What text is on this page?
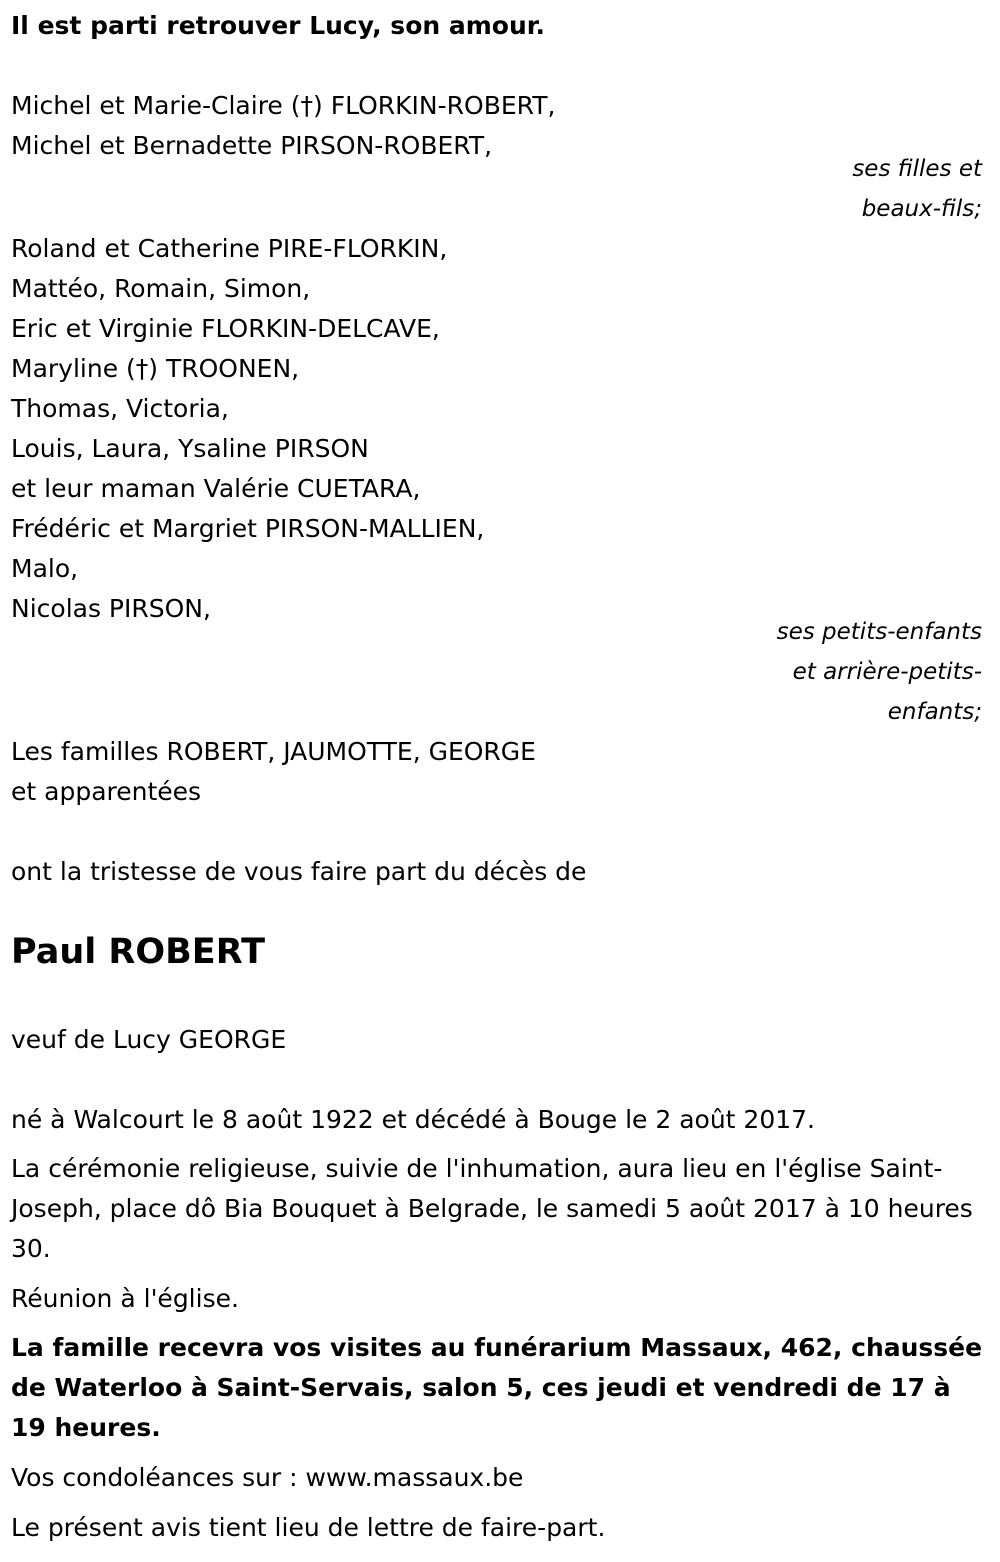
Il est parti retrouver Lucy, son amour.
Michel et Marie-Claire (†) FLORKIN-ROBERT,
Michel et Bernadette PIRSON-ROBERT,
ses filles et
beaux-fils;
Roland et Catherine PIRE-FLORKIN,
Mattéo, Romain, Simon,
Eric et Virginie FLORKIN-DELCAVE,
Maryline (†) TROONEN,
Thomas, Victoria,
Louis, Laura, Ysaline PIRSON
et leur maman Valérie CUETARA,
Frédéric et Margriet PIRSON-MALLIEN,
Malo,
Nicolas PIRSON,
ses petits-enfants
et arrière-petits-
enfants;
Les familles ROBERT, JAUMOTTE, GEORGE
et apparentées
ont la tristesse de vous faire part du décès de
Paul ROBERT
veuf de Lucy GEORGE
né à Walcourt le 8 août 1922 et décédé à Bouge le 2 août 2017.
La cérémonie religieuse, suivie de l'inhumation, aura lieu en l'église Saint-Joseph, place dô Bia Bouquet à Belgrade, le samedi 5 août 2017 à 10 heures 30.
Réunion à l'église.
La famille recevra vos visites au funérarium Massaux, 462, chaussée de Waterloo à Saint-Servais, salon 5, ces jeudi et vendredi de 17 à 19 heures.
Vos condoléances sur : www.massaux.be
Le présent avis tient lieu de lettre de faire-part.
